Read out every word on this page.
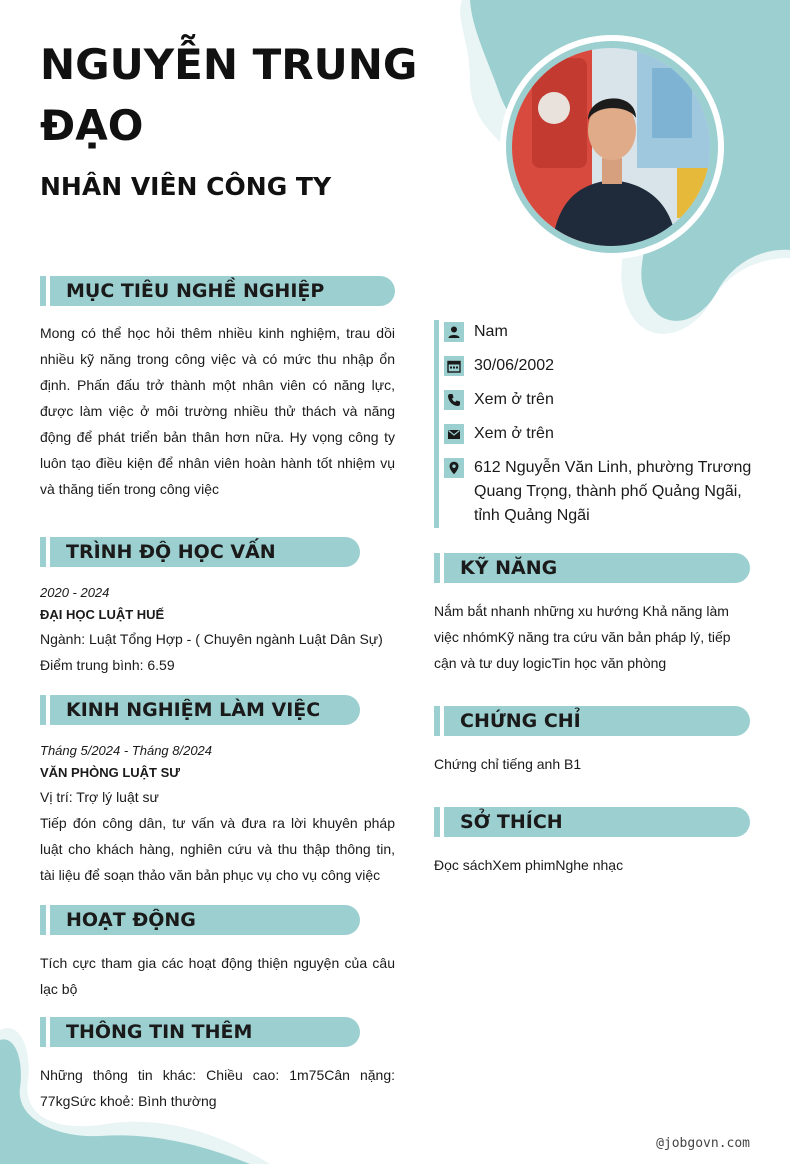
NGUYỄN TRUNG ĐẠO
NHÂN VIÊN CÔNG TY
MỤC TIÊU NGHỀ NGHIỆP
Mong có thể học hỏi thêm nhiều kinh nghiệm, trau dồi nhiều kỹ năng trong công việc và có mức thu nhập ổn định. Phấn đấu trở thành một nhân viên có năng lực, được làm việc ở môi trường nhiều thử thách và năng động để phát triển bản thân hơn nữa. Hy vọng công ty luôn tạo điều kiện để nhân viên hoàn hành tốt nhiệm vụ và thăng tiến trong công việc
TRÌNH ĐỘ HỌC VẤN
2020 - 2024
ĐẠI HỌC LUẬT HUẾ
Ngành: Luật Tổng Hợp - ( Chuyên ngành Luật Dân Sự)
Điểm trung bình: 6.59
KINH NGHIỆM LÀM VIỆC
Tháng 5/2024 - Tháng 8/2024
VĂN PHÒNG LUẬT SƯ
Vị trí: Trợ lý luật sư
Tiếp đón công dân, tư vấn và đưa ra lời khuyên pháp luật cho khách hàng, nghiên cứu và thu thập thông tin, tài liệu để soạn thảo văn bản phục vụ cho vụ công việc
HOẠT ĐỘNG
Tích cực tham gia các hoạt động thiện nguyện của câu lạc bộ
THÔNG TIN THÊM
Những thông tin khác: Chiều cao: 1m75Cân nặng: 77kgSức khoẻ: Bình thường
Nam
30/06/2002
Xem ở trên
Xem ở trên
612 Nguyễn Văn Linh, phường Trương Quang Trọng, thành phố Quảng Ngãi, tỉnh Quảng Ngãi
KỸ NĂNG
Nắm bắt nhanh những xu hướng Khả năng làm việc nhómKỹ năng tra cứu văn bản pháp lý, tiếp cận và tư duy logicTin học văn phòng
CHỨNG CHỈ
Chứng chỉ tiếng anh B1
SỞ THÍCH
Đọc sáchXem phimNghe nhạc
@jobgovn.com
